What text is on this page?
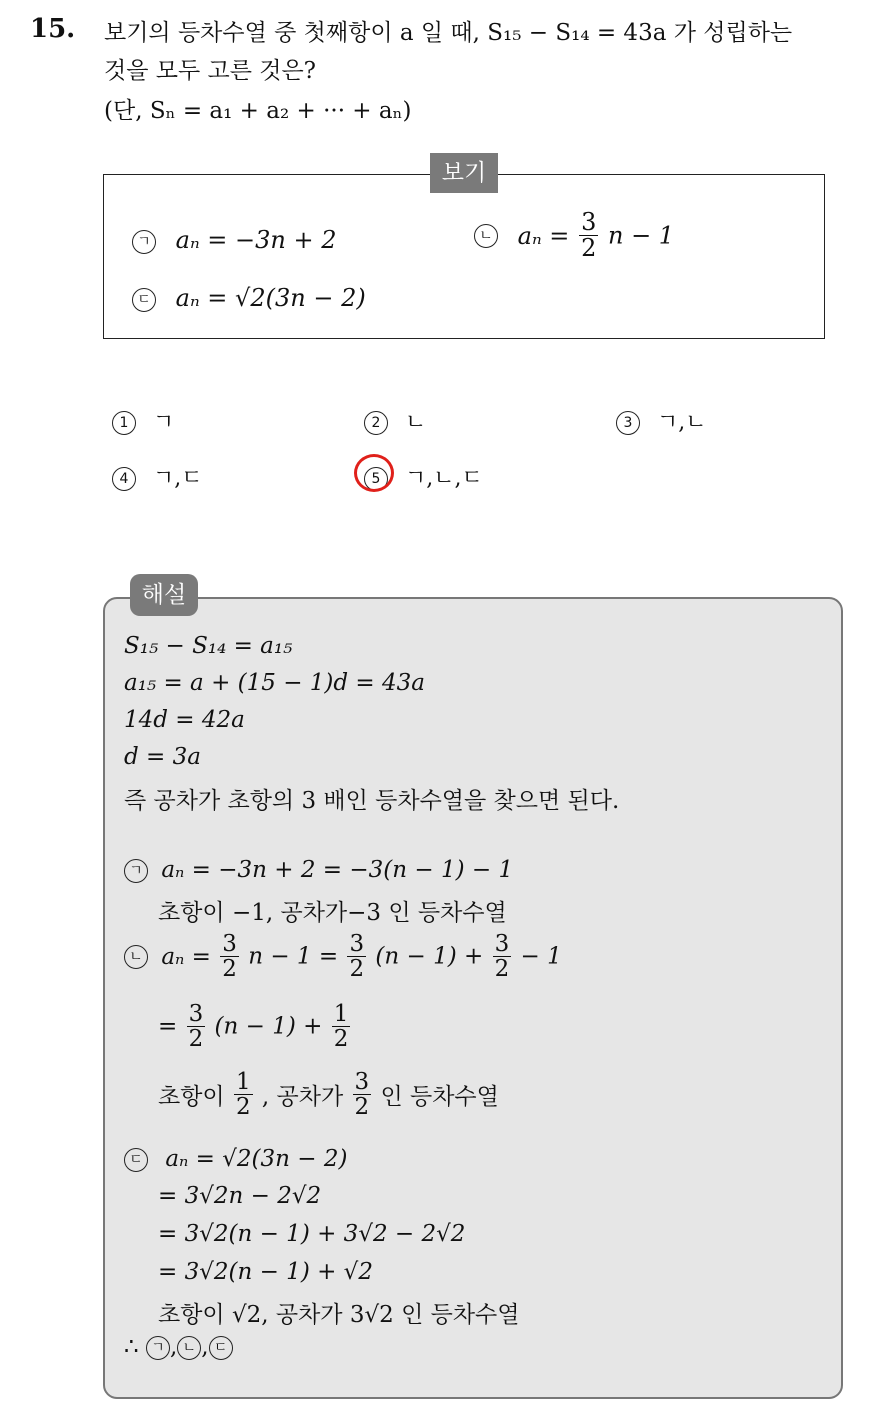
15. 보기의 등차수열 중 첫째항이 a 일 때, S₁₅ − S₁₄ = 43a 가 성립하는
것을 모두 고른 것은?
(단, Sₙ = a₁ + a₂ + ··· + aₙ)
보기
ㄱ aₙ = −3n + 2	ㄴ $a_n = \frac{3}{2}$ n − 1
ㄷ aₙ = √2(3n − 2)
1 ㄱ	2 ㄴ	3 ㄱ,ㄴ
4 ㄱ,ㄷ	5 ㄱ,ㄴ,ㄷ
해설
S₁₅ − S₁₄ = a₁₅
a₁₅ = a + (15 − 1)d = 43a
14d = 42a
d = 3a
즉 공차가 초항의 3 배인 등차수열을 찾으면 된다.
ㄱ aₙ = −3n + 2 = −3(n − 1) − 1
초항이 −1, 공차가−3 인 등차수열
ㄴ $a_n = \frac{3}{2}$ $n - 1 = \frac{3}{2} (n - 1) + \frac{3}{2} - 1$
= $\frac{3}{2} (n - 1) + \frac{1}{2}$
초항이 $\frac{1}{2}$ , 공차가 $\frac{3}{2}$ 인 등차수열
ㄷ aₙ = √2(3n − 2)
= 3√2n − 2√2
= 3√2(n − 1) + 3√2 − 2√2
= 3√2(n − 1) + √2
초항이 √2, 공차가 3√2 인 등차수열
∴ ㄱ , ㄴ , ㄷ
